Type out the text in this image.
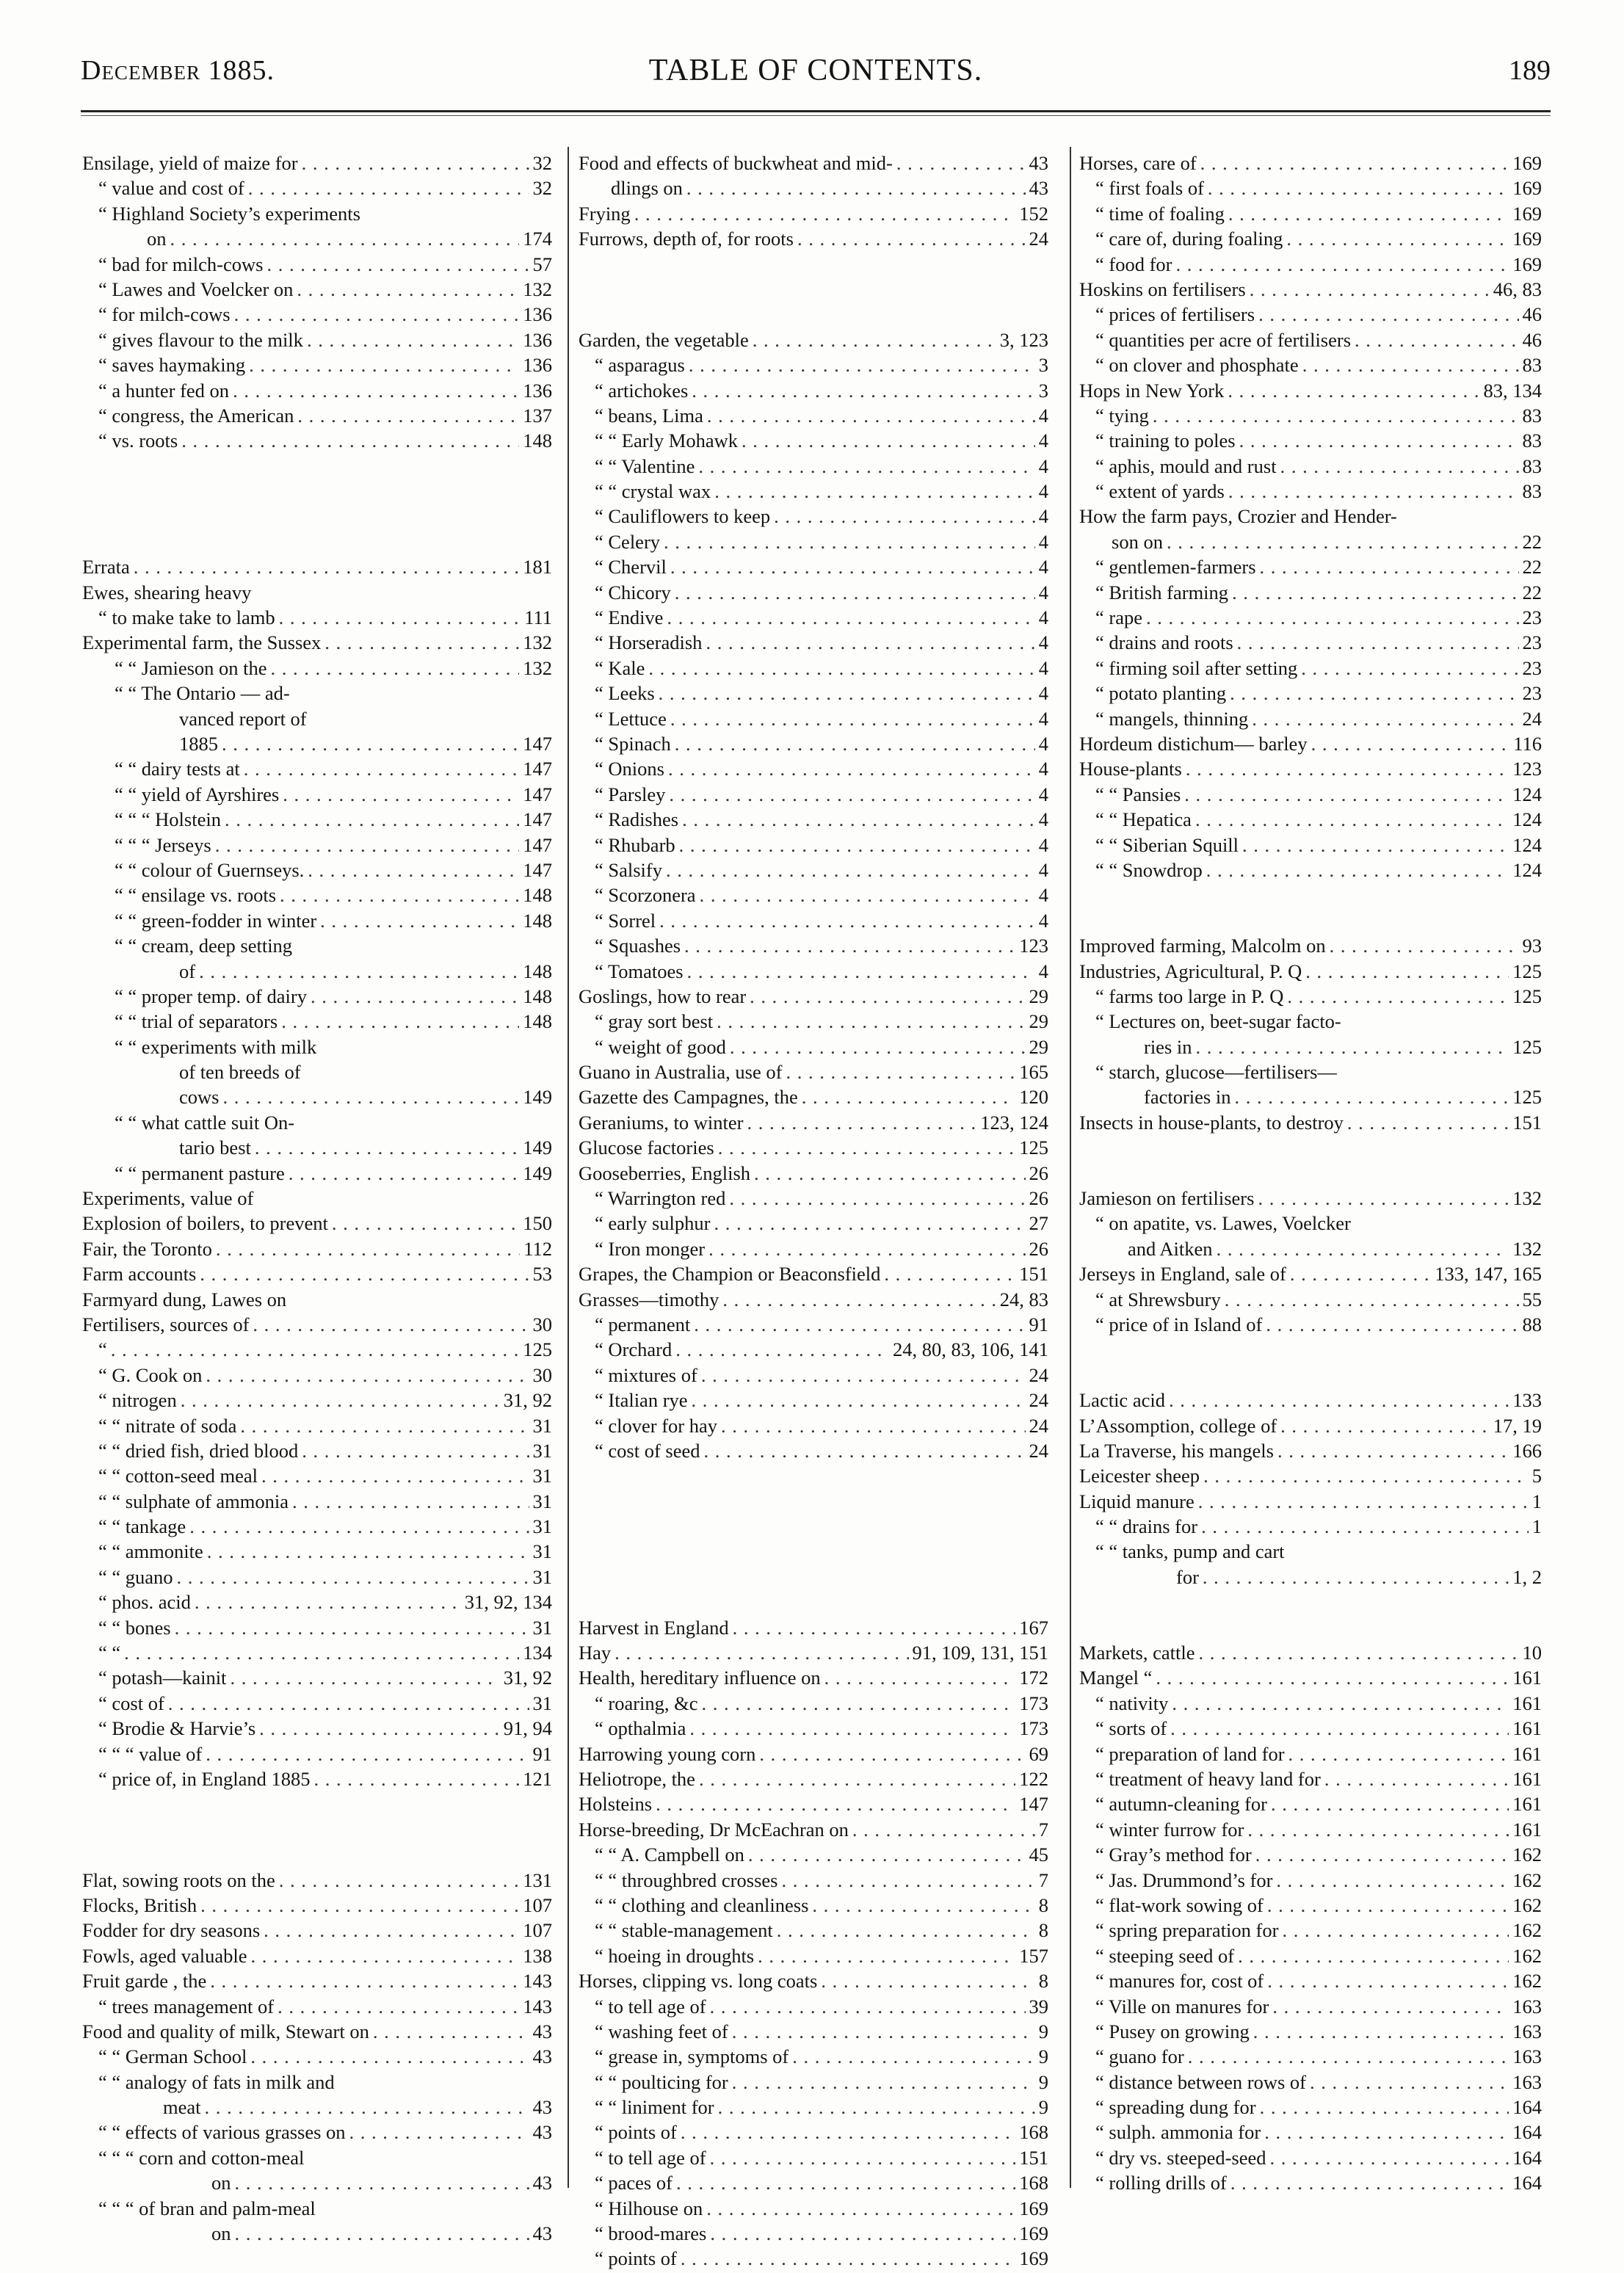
December 1885.	TABLE OF CONTENTS.	189
Ensilage, yield of maize for . . .	32
“ value and cost of . . .	32
“ Highland Society’s experiments
on . . .	174
“ bad for milch-cows . . .	57
“ Lawes and Voelcker on . . .	132
“ for milch-cows . . .	136
“ gives flavour to the milk . . .	136
“ saves haymaking . . .	136
“ a hunter fed on . . .	136
“ congress, the American . . .	137
“ vs. roots . . .	148
Errata . . .	181
Ewes, shearing heavy
“ to make take to lamb . . .	111
Experimental farm, the Sussex . . .	132
“ “ Jamieson on the . . .	132
“ “ The Ontario — ad-
vanced report of
1885 . . .	147
“ “ dairy tests at . . .	147
“ “ yield of Ayrshires . . .	147
“ “ “ Holstein . . .	147
“ “ “ Jerseys . . .	147
“ “ colour of Guernseys. . . .	147
“ “ ensilage vs. roots . . .	148
“ “ green-fodder in winter . . .	148
“ “ cream, deep setting
of . . .	148
“ “ proper temp. of dairy . . .	148
“ “ trial of separators . . .	148
“ “ experiments with milk
of ten breeds of
cows . . .	149
“ “ what cattle suit On-
tario best . . .	149
“ “ permanent pasture . . .	149
Experiments, value of
Explosion of boilers, to prevent . . .	150
Fair, the Toronto . . .	112
Farm accounts . . .	53
Farmyard dung, Lawes on
Fertilisers, sources of . . .	30
“ . . .	125
“ G. Cook on . . .	30
“ nitrogen . . .	31, 92
“ “ nitrate of soda . . .	31
“ “ dried fish, dried blood . . .	31
“ “ cotton-seed meal . . .	31
“ “ sulphate of ammonia . . .	31
“ “ tankage . . .	31
“ “ ammonite . . .	31
“ “ guano . . .	31
“ phos. acid . . .	31, 92, 134
“ “ bones . . .	31
“ “ . . .	134
“ potash—kainit . . .	31, 92
“ cost of . . .	31
“ Brodie & Harvie’s . . .	91, 94
“ “ “ value of . . .	91
“ price of, in England 1885 . . .	121
Flat, sowing roots on the . . .	131
Flocks, British . . .	107
Fodder for dry seasons . . .	107
Fowls, aged valuable . . .	138
Fruit garde , the . . .	143
“ trees management of . . .	143
Food and quality of milk, Stewart on . . .	43
“ “ German School . . .	43
“ “ analogy of fats in milk and
meat . . .	43
“ “ effects of various grasses on . . .	43
“ “ “ corn and cotton-meal
on . . .	43
“ “ “ of bran and palm-meal
on . . .	43
Food and effects of buckwheat and mid- . . .	43
dlings on . . .	43
Frying . . .	152
Furrows, depth of, for roots . . .	24
Garden, the vegetable . . .	3, 123
“ asparagus . . .	3
“ artichokes . . .	3
“ beans, Lima . . .	4
“ “ Early Mohawk . . .	4
“ “ Valentine . . .	4
“ “ crystal wax . . .	4
“ Cauliflowers to keep . . .	4
“ Celery . . .	4
“ Chervil . . .	4
“ Chicory . . .	4
“ Endive . . .	4
“ Horseradish . . .	4
“ Kale . . .	4
“ Leeks . . .	4
“ Lettuce . . .	4
“ Spinach . . .	4
“ Onions . . .	4
“ Parsley . . .	4
“ Radishes . . .	4
“ Rhubarb . . .	4
“ Salsify . . .	4
“ Scorzonera . . .	4
“ Sorrel . . .	4
“ Squashes . . .	123
“ Tomatoes . . .	4
Goslings, how to rear . . .	29
“ gray sort best . . .	29
“ weight of good . . .	29
Guano in Australia, use of . . .	165
Gazette des Campagnes, the . . .	120
Geraniums, to winter . . .	123, 124
Glucose factories . . .	125
Gooseberries, English . . .	26
“ Warrington red . . .	26
“ early sulphur . . .	27
“ Iron monger . . .	26
Grapes, the Champion or Beaconsfield . . .	151
Grasses—timothy . . .	24, 83
“ permanent . . .	91
“ Orchard . . .	24, 80, 83, 106, 141
“ mixtures of . . .	24
“ Italian rye . . .	24
“ clover for hay . . .	24
“ cost of seed . . .	24
Harvest in England . . .	167
Hay . . .	91, 109, 131, 151
Health, hereditary influence on . . .	172
“ roaring, &c . . .	173
“ opthalmia . . .	173
Harrowing young corn . . .	69
Heliotrope, the . . .	122
Holsteins . . .	147
Horse-breeding, Dr McEachran on . . .	7
“ “ A. Campbell on . . .	45
“ “ throughbred crosses . . .	7
“ “ clothing and cleanliness . . .	8
“ “ stable-management . . .	8
“ hoeing in droughts . . .	157
Horses, clipping vs. long coats . . .	8
“ to tell age of . . .	39
“ washing feet of . . .	9
“ grease in, symptoms of . . .	9
“ “ poulticing for . . .	9
“ “ liniment for . . .	9
“ points of . . .	168
“ to tell age of . . .	151
“ paces of . . .	168
“ Hilhouse on . . .	169
“ brood-mares . . .	169
“ points of . . .	169
Horses, care of . . .	169
“ first foals of . . .	169
“ time of foaling . . .	169
“ care of, during foaling . . .	169
“ food for . . .	169
Hoskins on fertilisers . . .	46, 83
“ prices of fertilisers . . .	46
“ quantities per acre of fertilisers . . .	46
“ on clover and phosphate . . .	83
Hops in New York . . .	83, 134
“ tying . . .	83
“ training to poles . . .	83
“ aphis, mould and rust . . .	83
“ extent of yards . . .	83
How the farm pays, Crozier and Hender-
son on . . .	22
“ gentlemen-farmers . . .	22
“ British farming . . .	22
“ rape . . .	23
“ drains and roots . . .	23
“ firming soil after setting . . .	23
“ potato planting . . .	23
“ mangels, thinning . . .	24
Hordeum distichum— barley . . .	116
House-plants . . .	123
“ “ Pansies . . .	124
“ “ Hepatica . . .	124
“ “ Siberian Squill . . .	124
“ “ Snowdrop . . .	124
Improved farming, Malcolm on . . .	93
Industries, Agricultural, P. Q . . .	125
“ farms too large in P. Q . . .	125
“ Lectures on, beet-sugar facto-
ries in . . .	125
“ starch, glucose—fertilisers—
factories in . . .	125
Insects in house-plants, to destroy . . .	151
Jamieson on fertilisers . . .	132
“ on apatite, vs. Lawes, Voelcker
and Aitken . . .	132
Jerseys in England, sale of . . .	133, 147, 165
“ at Shrewsbury . . .	55
“ price of in Island of . . .	88
Lactic acid . . .	133
L’Assomption, college of . . .	17, 19
La Traverse, his mangels . . .	166
Leicester sheep . . .	5
Liquid manure . . .	1
“ “ drains for . . .	1
“ “ tanks, pump and cart
for . . .	1, 2
Markets, cattle . . .	10
Mangel “ . . .	161
“ nativity . . .	161
“ sorts of . . .	161
“ preparation of land for . . .	161
“ treatment of heavy land for . . .	161
“ autumn-cleaning for . . .	161
“ winter furrow for . . .	161
“ Gray’s method for . . .	162
“ Jas. Drummond’s for . . .	162
“ flat-work sowing of . . .	162
“ spring preparation for . . .	162
“ steeping seed of . . .	162
“ manures for, cost of . . .	162
“ Ville on manures for . . .	163
“ Pusey on growing . . .	163
“ guano for . . .	163
“ distance between rows of . . .	163
“ spreading dung for . . .	164
“ sulph. ammonia for . . .	164
“ dry vs. steeped-seed . . .	164
“ rolling drills of . . .	164
